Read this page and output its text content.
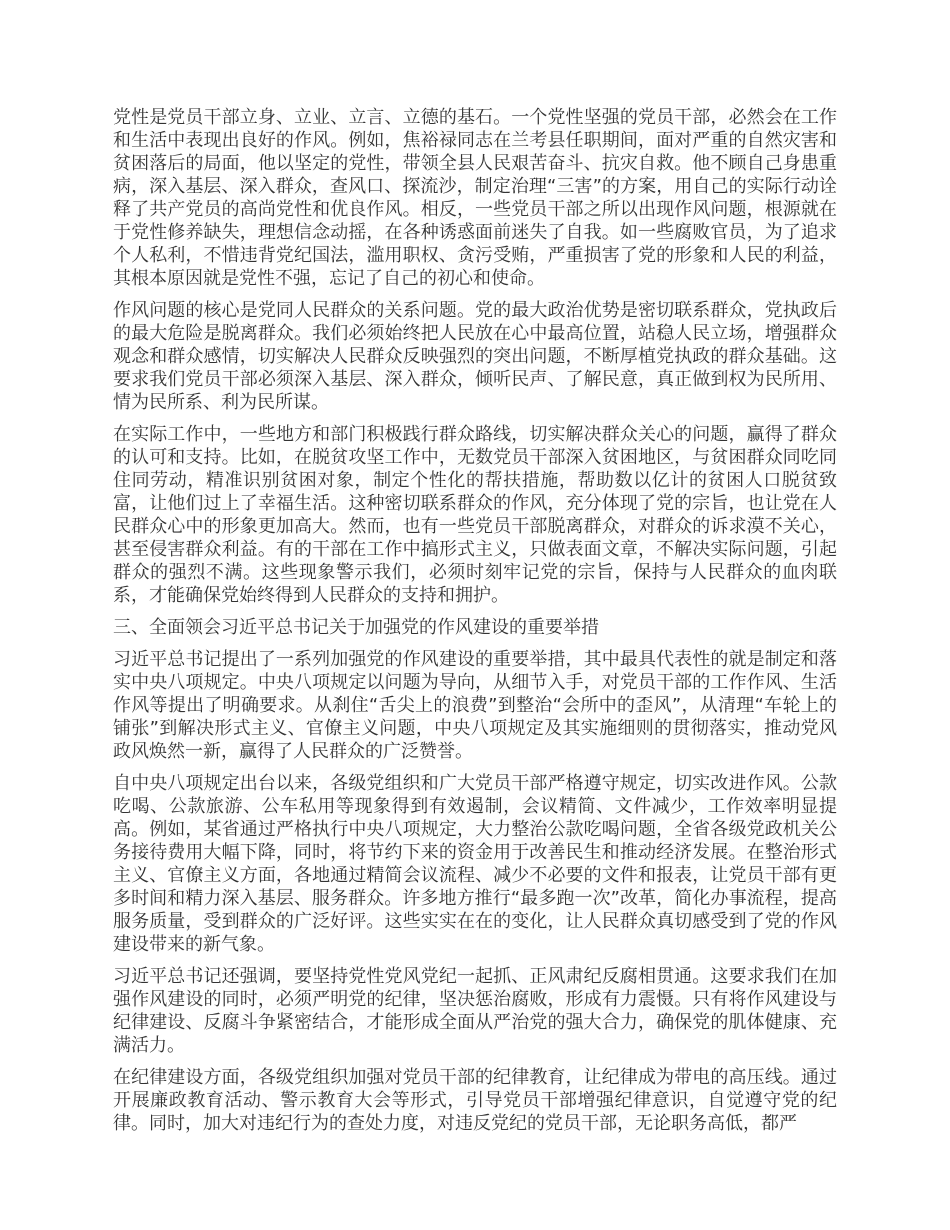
党性是党员干部立身、立业、立言、立德的基石。一个党性坚强的党员干部，必然会在工作和生活中表现出良好的作风。例如，焦裕禄同志在兰考县任职期间，面对严重的自然灾害和贫困落后的局面，他以坚定的党性，带领全县人民艰苦奋斗、抗灾自救。他不顾自己身患重病，深入基层、深入群众，查风口、探流沙，制定治理“三害”的方案，用自己的实际行动诠释了共产党员的高尚党性和优良作风。相反，一些党员干部之所以出现作风问题，根源就在于党性修养缺失，理想信念动摇，在各种诱惑面前迷失了自我。如一些腐败官员，为了追求个人私利，不惜违背党纪国法，滥用职权、贪污受贿，严重损害了党的形象和人民的利益，其根本原因就是党性不强，忘记了自己的初心和使命。

作风问题的核心是党同人民群众的关系问题。党的最大政治优势是密切联系群众，党执政后的最大危险是脱离群众。我们必须始终把人民放在心中最高位置，站稳人民立场，增强群众观念和群众感情，切实解决人民群众反映强烈的突出问题，不断厚植党执政的群众基础。这要求我们党员干部必须深入基层、深入群众，倾听民声、了解民意，真正做到权为民所用、情为民所系、利为民所谋。

在实际工作中，一些地方和部门积极践行群众路线，切实解决群众关心的问题，赢得了群众的认可和支持。比如，在脱贫攻坚工作中，无数党员干部深入贫困地区，与贫困群众同吃同住同劳动，精准识别贫困对象，制定个性化的帮扶措施，帮助数以亿计的贫困人口脱贫致富，让他们过上了幸福生活。这种密切联系群众的作风，充分体现了党的宗旨，也让党在人民群众心中的形象更加高大。然而，也有一些党员干部脱离群众，对群众的诉求漠不关心，甚至侵害群众利益。有的干部在工作中搞形式主义，只做表面文章，不解决实际问题，引起群众的强烈不满。这些现象警示我们，必须时刻牢记党的宗旨，保持与人民群众的血肉联系，才能确保党始终得到人民群众的支持和拥护。

三、全面领会习近平总书记关于加强党的作风建设的重要举措

习近平总书记提出了一系列加强党的作风建设的重要举措，其中最具代表性的就是制定和落实中央八项规定。中央八项规定以问题为导向，从细节入手，对党员干部的工作作风、生活作风等提出了明确要求。从刹住“舌尖上的浪费”到整治“会所中的歪风”，从清理“车轮上的铺张”到解决形式主义、官僚主义问题，中央八项规定及其实施细则的贯彻落实，推动党风政风焕然一新，赢得了人民群众的广泛赞誉。

自中央八项规定出台以来，各级党组织和广大党员干部严格遵守规定，切实改进作风。公款吃喝、公款旅游、公车私用等现象得到有效遏制，会议精简、文件减少，工作效率明显提高。例如，某省通过严格执行中央八项规定，大力整治公款吃喝问题，全省各级党政机关公务接待费用大幅下降，同时，将节约下来的资金用于改善民生和推动经济发展。在整治形式主义、官僚主义方面，各地通过精简会议流程、减少不必要的文件和报表，让党员干部有更多时间和精力深入基层、服务群众。许多地方推行“最多跑一次”改革，简化办事流程，提高服务质量，受到群众的广泛好评。这些实实在在的变化，让人民群众真切感受到了党的作风建设带来的新气象。

习近平总书记还强调，要坚持党性党风党纪一起抓、正风肃纪反腐相贯通。这要求我们在加强作风建设的同时，必须严明党的纪律，坚决惩治腐败，形成有力震慑。只有将作风建设与纪律建设、反腐斗争紧密结合，才能形成全面从严治党的强大合力，确保党的肌体健康、充满活力。

在纪律建设方面，各级党组织加强对党员干部的纪律教育，让纪律成为带电的高压线。通过开展廉政教育活动、警示教育大会等形式，引导党员干部增强纪律意识，自觉遵守党的纪律。同时，加大对违纪行为的查处力度，对违反党纪的党员干部，无论职务高低，都严
